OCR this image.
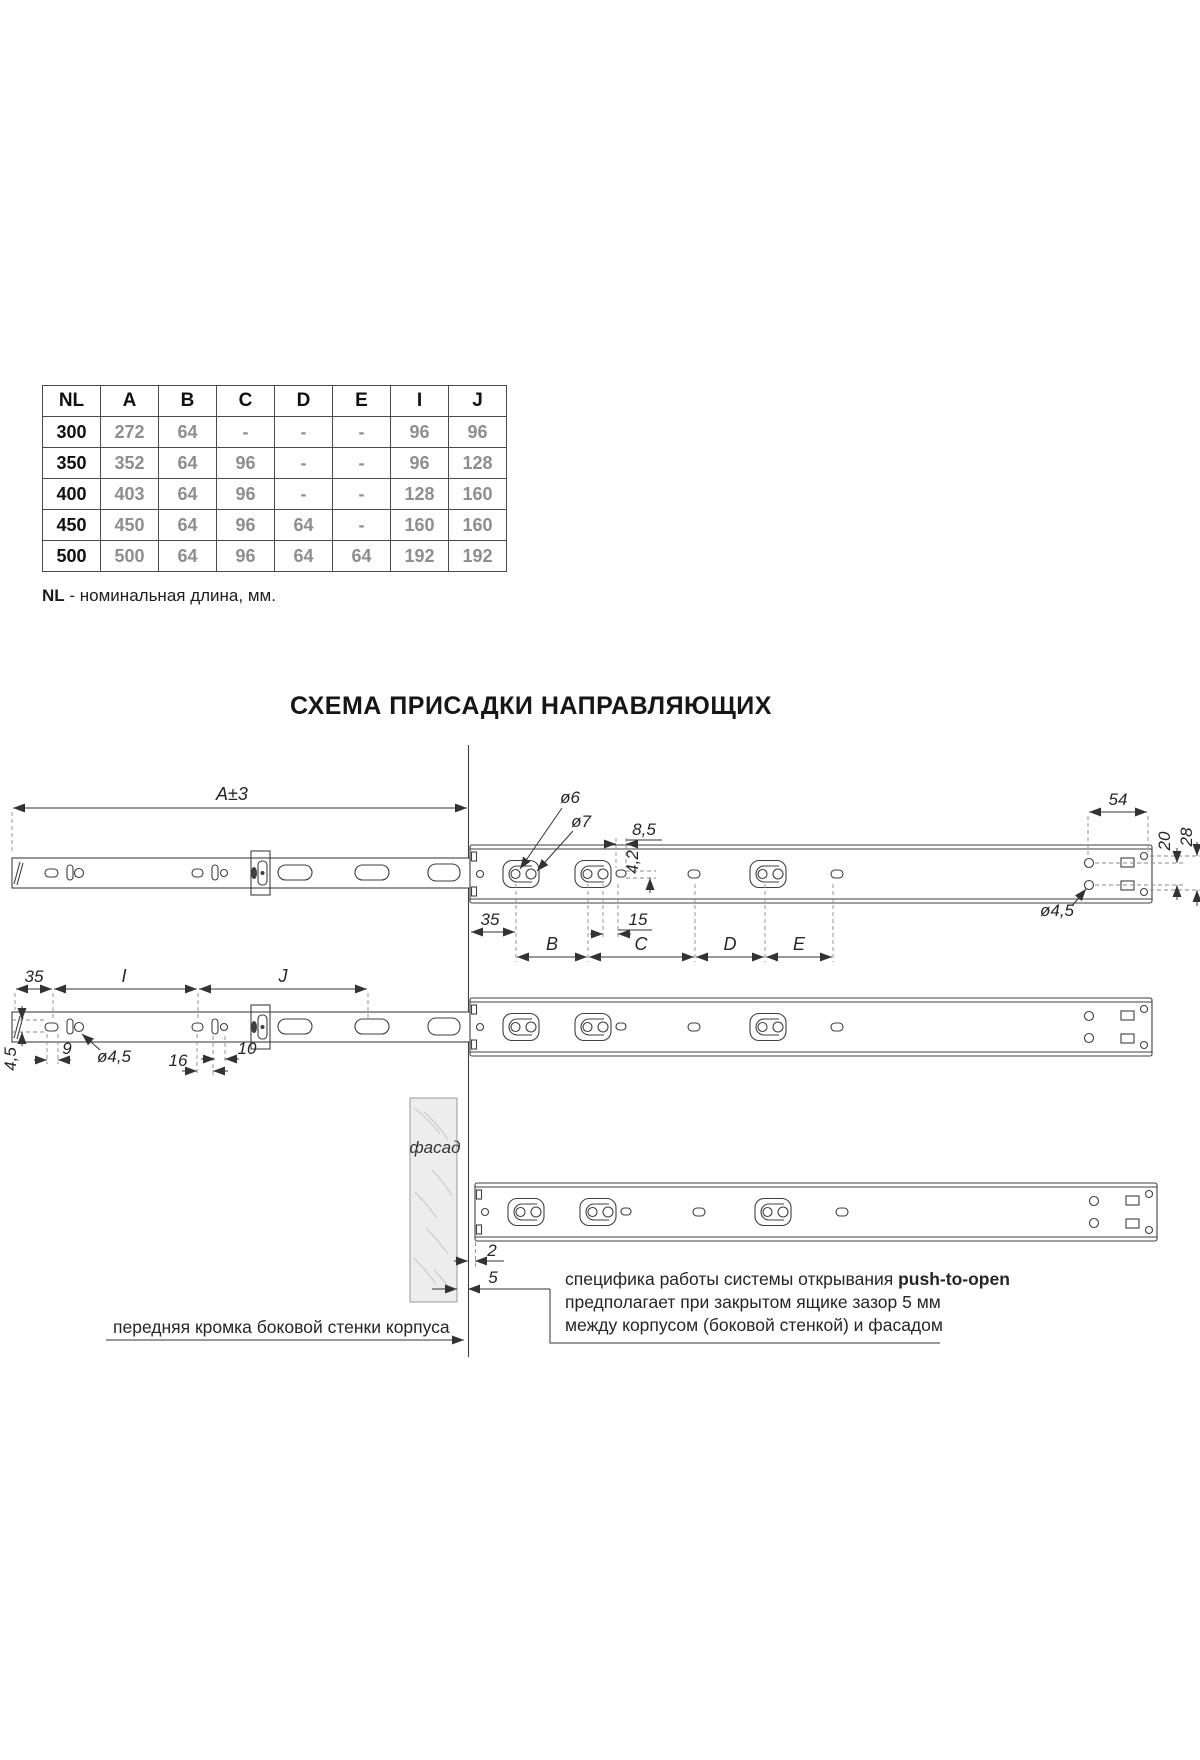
NL	A	B	C	D	E	I	J
300	272	64	-	-	-	96	96
350	352	64	96	-	-	96	128
400	403	64	96	-	-	128	160
450	450	64	96	64	-	160	160
500	500	64	96	64	64	192	192
NL - номинальная длина, мм.
СХЕМА ПРИСАДКИ НАПРАВЛЯЮЩИХ
A±3	ø6
ø7 8,5
4,2
35	15
B	C	D	E
54
20 28
ø4,5
35	I	J
4,5 9 ø4,5 16
10
фасад
2
5	специфика работы системы открывания push-to-open
предполагает при закрытом ящике зазор 5 мм
между корпусом (боковой стенкой) и фасадом
передняя кромка боковой стенки корпуса
